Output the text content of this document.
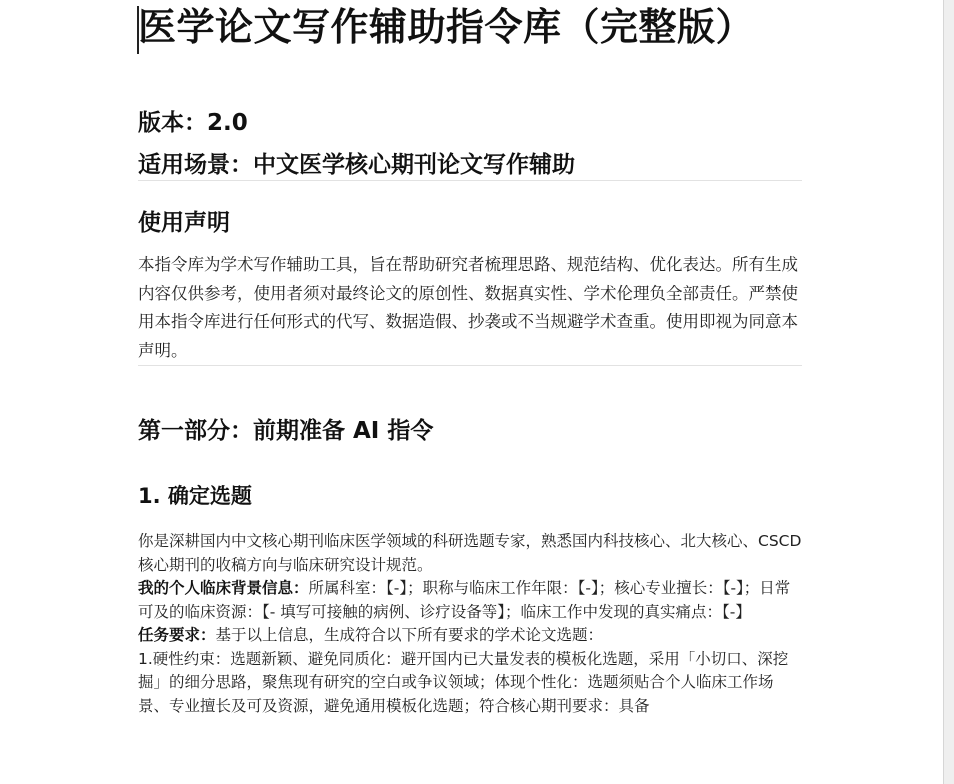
医学论文写作辅助指令库（完整版）

版本：2.0

适用场景：中文医学核心期刊论文写作辅助

使用声明

本指令库为学术写作辅助工具，旨在帮助研究者梳理思路、规范结构、优化表达。所有生成内容仅供参考，使用者须对最终论文的原创性、数据真实性、学术伦理负全部责任。严禁使用本指令库进行任何形式的代写、数据造假、抄袭或不当规避学术查重。使用即视为同意本声明。

第一部分：前期准备 AI 指令
1. 确定选题

你是深耕国内中文核心期刊临床医学领域的科研选题专家，熟悉国内科技核心、北大核心、CSCD 核心期刊的收稿方向与临床研究设计规范。

我的个人临床背景信息：所属科室：【-】；职称与临床工作年限：【-】；核心专业擅长：【-】；日常可及的临床资源：【- 填写可接触的病例、诊疗设备等】；临床工作中发现的真实痛点：【-】

任务要求：基于以上信息，生成符合以下所有要求的学术论文选题：

1.硬性约束：选题新颖、避免同质化：避开国内已大量发表的模板化选题，采用「小切口、深挖掘」的细分思路，聚焦现有研究的空白或争议领域；体现个性化：选题须贴合个人临床工作场景、专业擅长及可及资源，避免通用模板化选题；符合核心期刊要求：具备
